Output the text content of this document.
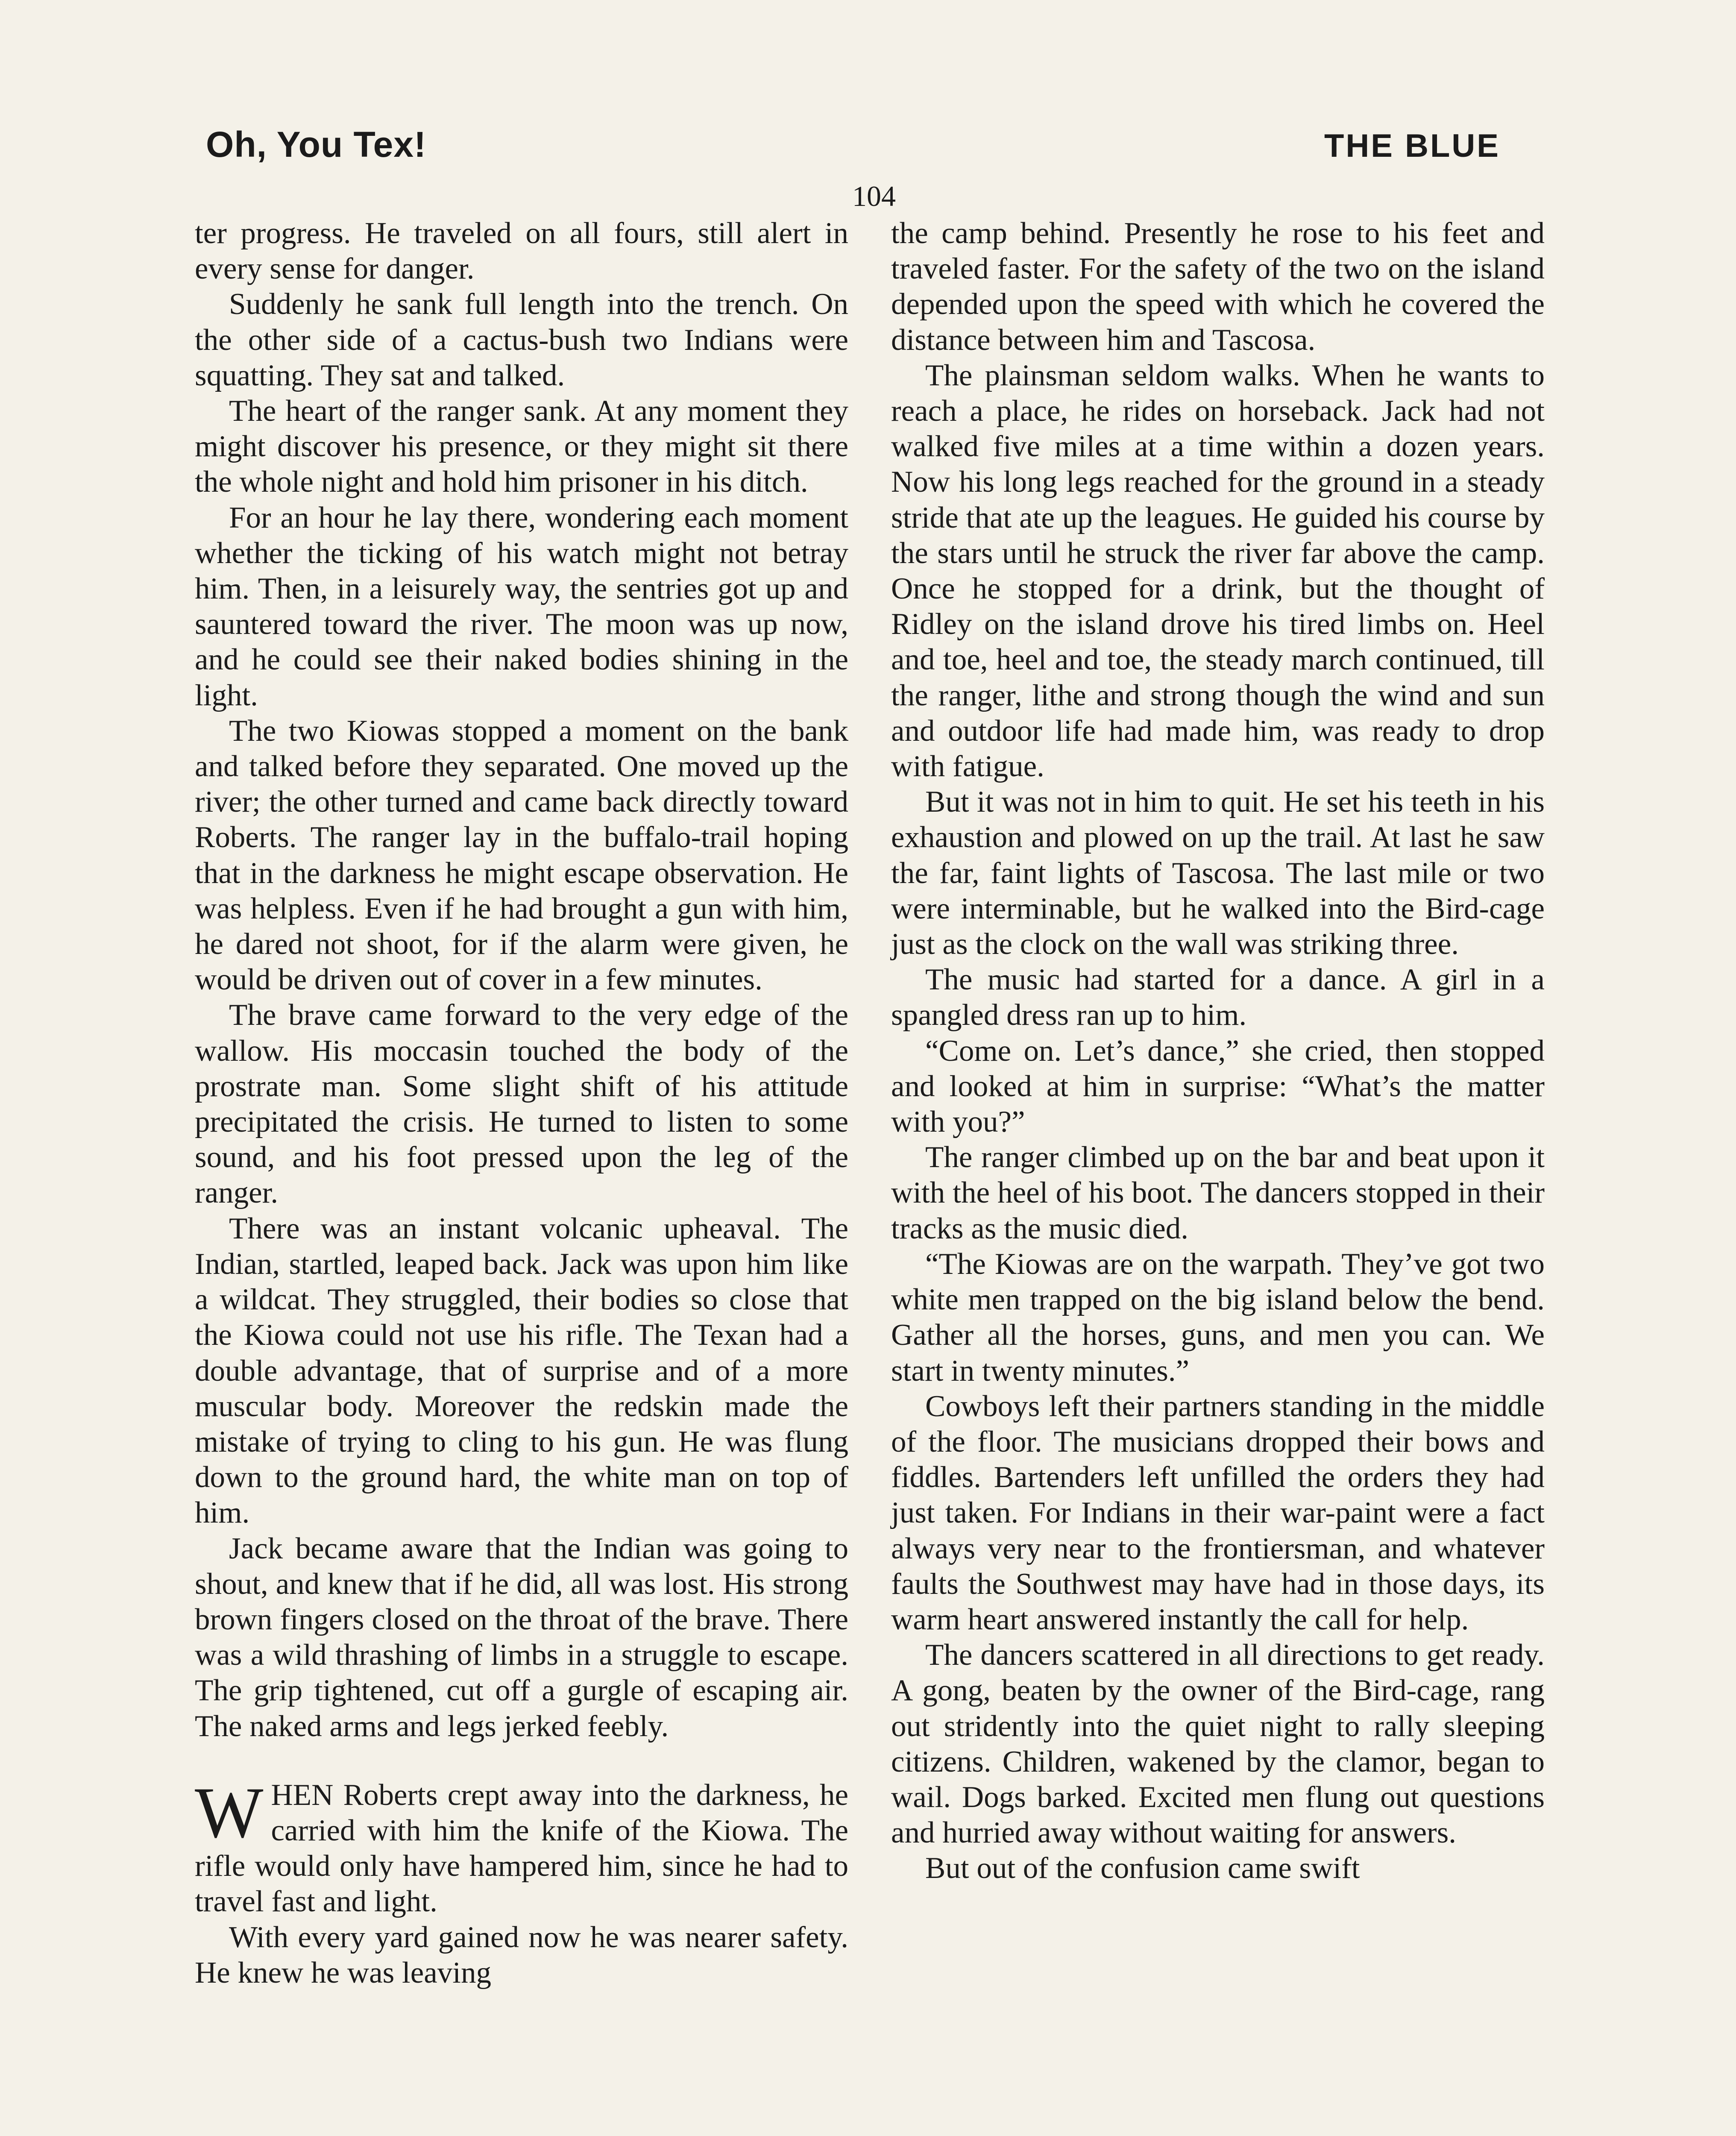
Oh, You Tex!	THE BLUE
104

ter progress. He traveled on all fours, still alert in every sense for danger.

Suddenly he sank full length into the trench. On the other side of a cactus-bush two Indians were squatting. They sat and talked.

The heart of the ranger sank. At any moment they might discover his presence, or they might sit there the whole night and hold him prisoner in his ditch.

For an hour he lay there, wondering each moment whether the ticking of his watch might not betray him. Then, in a leisurely way, the sentries got up and sauntered toward the river. The moon was up now, and he could see their naked bodies shining in the light.

The two Kiowas stopped a moment on the bank and talked before they separated. One moved up the river; the other turned and came back directly toward Roberts. The ranger lay in the buffalo-trail hoping that in the darkness he might escape observation. He was helpless. Even if he had brought a gun with him, he dared not shoot, for if the alarm were given, he would be driven out of cover in a few minutes.

The brave came forward to the very edge of the wallow. His moccasin touched the body of the prostrate man. Some slight shift of his attitude precipitated the crisis. He turned to listen to some sound, and his foot pressed upon the leg of the ranger.

There was an instant volcanic upheaval. The Indian, startled, leaped back. Jack was upon him like a wildcat. They struggled, their bodies so close that the Kiowa could not use his rifle. The Texan had a double advantage, that of surprise and of a more muscular body. Moreover the redskin made the mistake of trying to cling to his gun. He was flung down to the ground hard, the white man on top of him.

Jack became aware that the Indian was going to shout, and knew that if he did, all was lost. His strong brown fingers closed on the throat of the brave. There was a wild thrashing of limbs in a struggle to escape. The grip tightened, cut off a gurgle of escaping air. The naked arms and legs jerked feebly.

WHEN Roberts crept away into the darkness, he carried with him the knife of the Kiowa. The rifle would only have hampered him, since he had to travel fast and light.

With every yard gained now he was nearer safety. He knew he was leaving

the camp behind. Presently he rose to his feet and traveled faster. For the safety of the two on the island depended upon the speed with which he covered the distance between him and Tascosa.

The plainsman seldom walks. When he wants to reach a place, he rides on horseback. Jack had not walked five miles at a time within a dozen years. Now his long legs reached for the ground in a steady stride that ate up the leagues. He guided his course by the stars until he struck the river far above the camp. Once he stopped for a drink, but the thought of Ridley on the island drove his tired limbs on. Heel and toe, heel and toe, the steady march continued, till the ranger, lithe and strong though the wind and sun and outdoor life had made him, was ready to drop with fatigue.

But it was not in him to quit. He set his teeth in his exhaustion and plowed on up the trail. At last he saw the far, faint lights of Tascosa. The last mile or two were interminable, but he walked into the Bird-cage just as the clock on the wall was striking three.

The music had started for a dance. A girl in a spangled dress ran up to him.

“Come on. Let’s dance,” she cried, then stopped and looked at him in surprise: “What’s the matter with you?”

The ranger climbed up on the bar and beat upon it with the heel of his boot. The dancers stopped in their tracks as the music died.

“The Kiowas are on the warpath. They’ve got two white men trapped on the big island below the bend. Gather all the horses, guns, and men you can. We start in twenty minutes.”

Cowboys left their partners standing in the middle of the floor. The musicians dropped their bows and fiddles. Bartenders left unfilled the orders they had just taken. For Indians in their war-paint were a fact always very near to the frontiersman, and whatever faults the Southwest may have had in those days, its warm heart answered instantly the call for help.

The dancers scattered in all directions to get ready. A gong, beaten by the owner of the Bird-cage, rang out stridently into the quiet night to rally sleeping citizens. Children, wakened by the clamor, began to wail. Dogs barked. Excited men flung out questions and hurried away without waiting for answers.

But out of the confusion came swift
